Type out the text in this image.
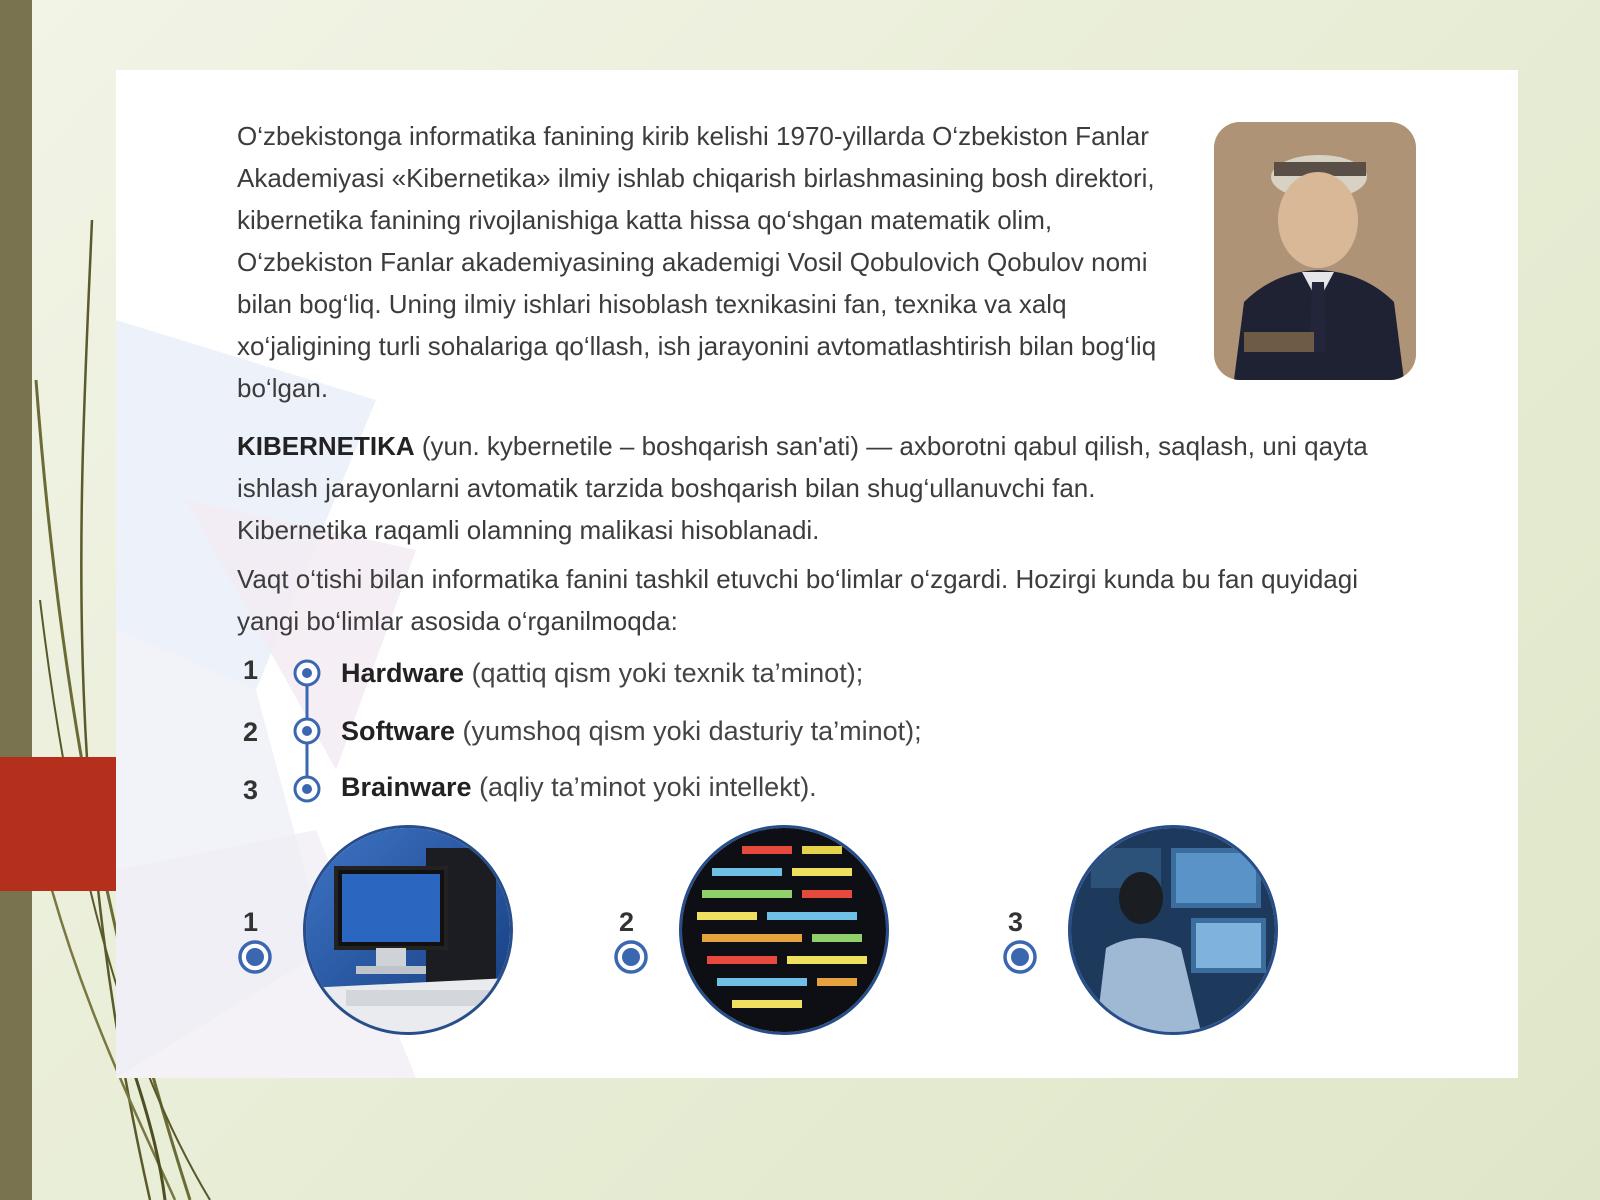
O‘zbekistonga informatika fanining kirib kelishi 1970-yillarda O‘zbekiston Fanlar Akademiyasi «Kibernetika» ilmiy ishlab chiqarish birlashmasining bosh direktori, kibernetika fanining rivojlanishiga katta hissa qo‘shgan matematik olim, O‘zbekiston Fanlar akademiyasining akademigi Vosil Qobulovich Qobulov nomi bilan bog‘liq. Uning ilmiy ishlari hisoblash texnikasini fan, texnika va xalq xo‘jaligining turli sohalariga qo‘llash, ish jarayonini avtomatlashtirish bilan bog‘liq bo‘lgan.

KIBERNETIKA (yun. kybernetile – boshqarish san'ati) — axborotni qabul qilish, saqlash, uni qayta ishlash jarayonlarni avtomatik tarzida boshqarish bilan shug‘ullanuvchi fan.
Kibernetika raqamli olamning malikasi hisoblanadi.

Vaqt o‘tishi bilan informatika fanini tashkil etuvchi bo‘limlar o‘zgardi. Hozirgi kunda bu fan quyidagi yangi bo‘limlar asosida o‘rganilmoqda:

1	Hardware (qattiq qism yoki texnik ta’minot);
2	Software (yumshoq qism yoki dasturiy ta’minot);
3	Brainware (aqliy ta’minot yoki intellekt).
1	2	3
